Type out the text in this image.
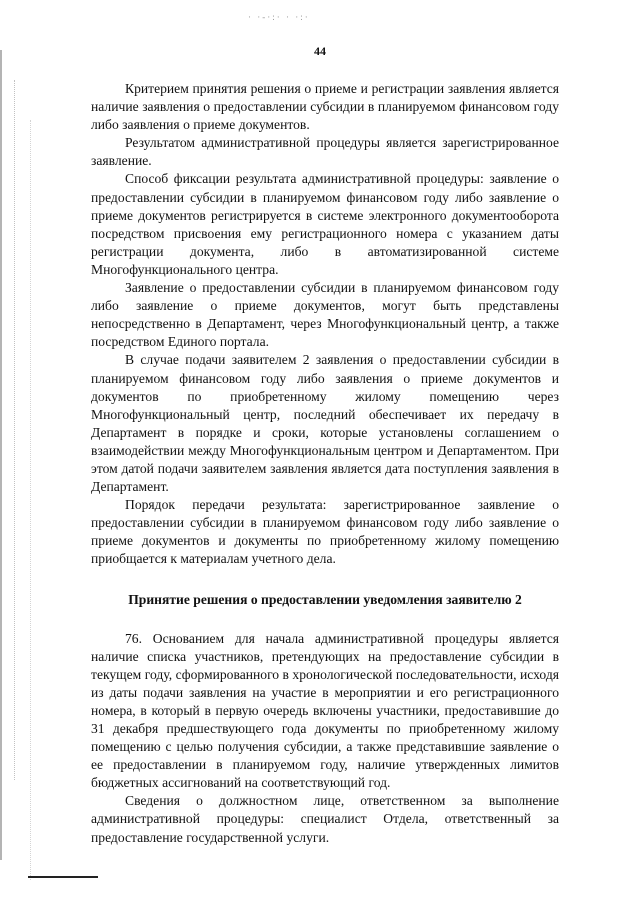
· ·-·:· · ·:·
44

Критерием принятия решения о приеме и регистрации заявления является наличие заявления о предоставлении субсидии в планируемом финансовом году либо заявления о приеме документов.

Результатом административной процедуры является зарегистрированное заявление.

Способ фиксации результата административной процедуры: заявление о предоставлении субсидии в планируемом финансовом году либо заявление о приеме документов регистрируется в системе электронного документооборота посредством присвоения ему регистрационного номера с указанием даты регистрации документа, либо в автоматизированной системе Многофункционального центра.

Заявление о предоставлении субсидии в планируемом финансовом году либо заявление о приеме документов, могут быть представлены непосредственно в Департамент, через Многофункциональный центр, а также посредством Единого портала.

В случае подачи заявителем 2 заявления о предоставлении субсидии в планируемом финансовом году либо заявления о приеме документов и документов по приобретенному жилому помещению через Многофункциональный центр, последний обеспечивает их передачу в Департамент в порядке и сроки, которые установлены соглашением о взаимодействии между Многофункциональным центром и Департаментом. При этом датой подачи заявителем заявления является дата поступления заявления в Департамент.

Порядок передачи результата: зарегистрированное заявление о предоставлении субсидии в планируемом финансовом году либо заявление о приеме документов и документы по приобретенному жилому помещению приобщается к материалам учетного дела.

Принятие решения о предоставлении уведомления заявителю 2

76. Основанием для начала административной процедуры является наличие списка участников, претендующих на предоставление субсидии в текущем году, сформированного в хронологической последовательности, исходя из даты подачи заявления на участие в мероприятии и его регистрационного номера, в который в первую очередь включены участники, предоставившие до 31 декабря предшествующего года документы по приобретенному жилому помещению с целью получения субсидии, а также представившие заявление о ее предоставлении в планируемом году, наличие утвержденных лимитов бюджетных ассигнований на соответствующий год.

Сведения о должностном лице, ответственном за выполнение административной процедуры: специалист Отдела, ответственный за предоставление государственной услуги.
